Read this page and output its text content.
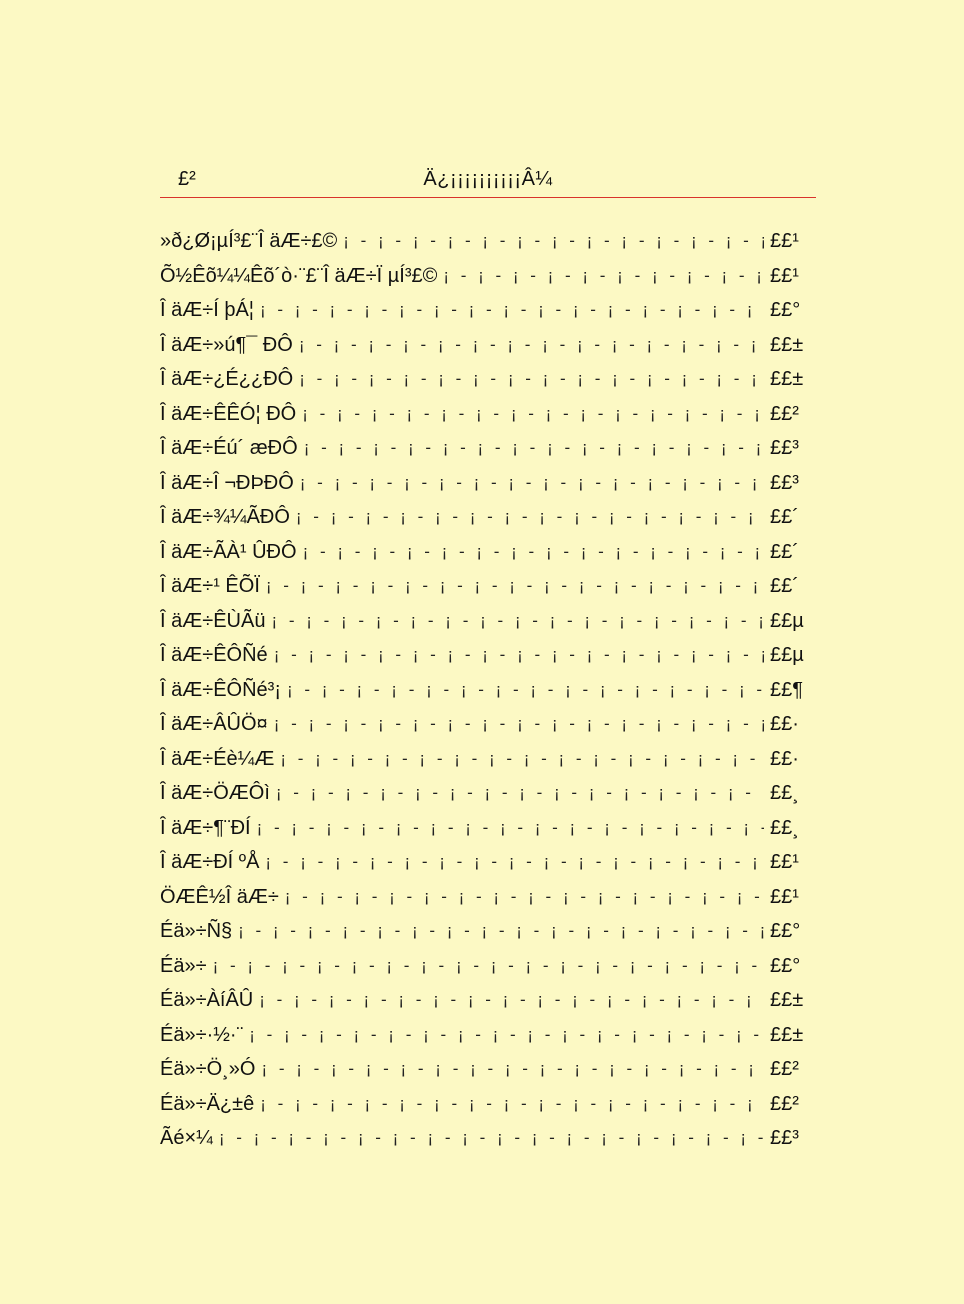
£²	Ä¿¡¡¡¡¡¡¡¡¡¡Â¼
»ð¿Ø¡µÍ³£¨Î äÆ÷£© ¡ - ¡ - ¡ - ¡ - ¡ - ¡ - ¡ - ¡ - ¡ - ¡ - ¡ - ¡ - ¡ - ¡ - ¡ - ¡ - ¡ - ¡ - ¡ - ¡ - ¡ - ¡ - ¡ - ¡ - ¡ - ¡ - ¡ - ¡ - ¡ - ¡ - ¡ - ¡ -	££¹
Õ½Êõ¼¼Êõ´ò·¨£¨Î äÆ÷Ï µÍ³£© ¡ - ¡ - ¡ - ¡ - ¡ - ¡ - ¡ - ¡ - ¡ - ¡ - ¡ - ¡ - ¡ - ¡ - ¡ - ¡ - ¡ - ¡ - ¡ - ¡ - ¡ - ¡ - ¡ - ¡ - ¡ - ¡ - ¡ - ¡ - ¡ - ¡ - ¡ - ¡ -	££¹
Î äÆ÷Í þÁ¦ ¡ - ¡ - ¡ - ¡ - ¡ - ¡ - ¡ - ¡ - ¡ - ¡ - ¡ - ¡ - ¡ - ¡ - ¡ - ¡ - ¡ - ¡ - ¡ - ¡ - ¡ - ¡ - ¡ - ¡ - ¡ - ¡ - ¡ - ¡ - ¡ - ¡ - ¡ - ¡ -	££°
Î äÆ÷»ú¶¯ ÐÔ ¡ - ¡ - ¡ - ¡ - ¡ - ¡ - ¡ - ¡ - ¡ - ¡ - ¡ - ¡ - ¡ - ¡ - ¡ - ¡ - ¡ - ¡ - ¡ - ¡ - ¡ - ¡ - ¡ - ¡ - ¡ - ¡ - ¡ - ¡ - ¡ - ¡ - ¡ - ¡ -	££±
Î äÆ÷¿É¿¿ÐÔ ¡ - ¡ - ¡ - ¡ - ¡ - ¡ - ¡ - ¡ - ¡ - ¡ - ¡ - ¡ - ¡ - ¡ - ¡ - ¡ - ¡ - ¡ - ¡ - ¡ - ¡ - ¡ - ¡ - ¡ - ¡ - ¡ - ¡ - ¡ - ¡ - ¡ - ¡ - ¡ -	££±
Î äÆ÷ÊÊÓ¦ ÐÔ ¡ - ¡ - ¡ - ¡ - ¡ - ¡ - ¡ - ¡ - ¡ - ¡ - ¡ - ¡ - ¡ - ¡ - ¡ - ¡ - ¡ - ¡ - ¡ - ¡ - ¡ - ¡ - ¡ - ¡ - ¡ - ¡ - ¡ - ¡ - ¡ - ¡ - ¡ - ¡ -	££²
Î äÆ÷Éú´ æÐÔ ¡ - ¡ - ¡ - ¡ - ¡ - ¡ - ¡ - ¡ - ¡ - ¡ - ¡ - ¡ - ¡ - ¡ - ¡ - ¡ - ¡ - ¡ - ¡ - ¡ - ¡ - ¡ - ¡ - ¡ - ¡ - ¡ - ¡ - ¡ - ¡ - ¡ - ¡ - ¡ -	££³
Î äÆ÷Î ¬ÐÞÐÔ ¡ - ¡ - ¡ - ¡ - ¡ - ¡ - ¡ - ¡ - ¡ - ¡ - ¡ - ¡ - ¡ - ¡ - ¡ - ¡ - ¡ - ¡ - ¡ - ¡ - ¡ - ¡ - ¡ - ¡ - ¡ - ¡ - ¡ - ¡ - ¡ - ¡ - ¡ - ¡ -	££³
Î äÆ÷¾¼ÃÐÔ ¡ - ¡ - ¡ - ¡ - ¡ - ¡ - ¡ - ¡ - ¡ - ¡ - ¡ - ¡ - ¡ - ¡ - ¡ - ¡ - ¡ - ¡ - ¡ - ¡ - ¡ - ¡ - ¡ - ¡ - ¡ - ¡ - ¡ - ¡ - ¡ - ¡ - ¡ - ¡ -	££´
Î äÆ÷ÃÀ¹ ÛÐÔ ¡ - ¡ - ¡ - ¡ - ¡ - ¡ - ¡ - ¡ - ¡ - ¡ - ¡ - ¡ - ¡ - ¡ - ¡ - ¡ - ¡ - ¡ - ¡ - ¡ - ¡ - ¡ - ¡ - ¡ - ¡ - ¡ - ¡ - ¡ - ¡ - ¡ - ¡ - ¡ -	££´
Î äÆ÷¹ ÊÕÏ ¡ - ¡ - ¡ - ¡ - ¡ - ¡ - ¡ - ¡ - ¡ - ¡ - ¡ - ¡ - ¡ - ¡ - ¡ - ¡ - ¡ - ¡ - ¡ - ¡ - ¡ - ¡ - ¡ - ¡ - ¡ - ¡ - ¡ - ¡ - ¡ - ¡ - ¡ - ¡ -	££´
Î äÆ÷ÊÙÃü ¡ - ¡ - ¡ - ¡ - ¡ - ¡ - ¡ - ¡ - ¡ - ¡ - ¡ - ¡ - ¡ - ¡ - ¡ - ¡ - ¡ - ¡ - ¡ - ¡ - ¡ - ¡ - ¡ - ¡ - ¡ - ¡ - ¡ - ¡ - ¡ - ¡ - ¡ - ¡ -	££µ
Î äÆ÷ÊÔÑé ¡ - ¡ - ¡ - ¡ - ¡ - ¡ - ¡ - ¡ - ¡ - ¡ - ¡ - ¡ - ¡ - ¡ - ¡ - ¡ - ¡ - ¡ - ¡ - ¡ - ¡ - ¡ - ¡ - ¡ - ¡ - ¡ - ¡ - ¡ - ¡ - ¡ - ¡ - ¡ -	££µ
Î äÆ÷ÊÔÑé³¡ ¡ - ¡ - ¡ - ¡ - ¡ - ¡ - ¡ - ¡ - ¡ - ¡ - ¡ - ¡ - ¡ - ¡ - ¡ - ¡ - ¡ - ¡ - ¡ - ¡ - ¡ - ¡ - ¡ - ¡ - ¡ - ¡ - ¡ - ¡ - ¡ - ¡ - ¡ - ¡ -	££¶
Î äÆ÷ÂÛÖ¤ ¡ - ¡ - ¡ - ¡ - ¡ - ¡ - ¡ - ¡ - ¡ - ¡ - ¡ - ¡ - ¡ - ¡ - ¡ - ¡ - ¡ - ¡ - ¡ - ¡ - ¡ - ¡ - ¡ - ¡ - ¡ - ¡ - ¡ - ¡ - ¡ - ¡ - ¡ - ¡ -	££·
Î äÆ÷Éè¼Æ ¡ - ¡ - ¡ - ¡ - ¡ - ¡ - ¡ - ¡ - ¡ - ¡ - ¡ - ¡ - ¡ - ¡ - ¡ - ¡ - ¡ - ¡ - ¡ - ¡ - ¡ - ¡ - ¡ - ¡ - ¡ - ¡ - ¡ - ¡ - ¡ - ¡ - ¡ - ¡ -	££·
Î äÆ÷ÖÆÔì ¡ - ¡ - ¡ - ¡ - ¡ - ¡ - ¡ - ¡ - ¡ - ¡ - ¡ - ¡ - ¡ - ¡ - ¡ - ¡ - ¡ - ¡ - ¡ - ¡ - ¡ - ¡ - ¡ - ¡ - ¡ - ¡ - ¡ - ¡ - ¡ - ¡ - ¡ - ¡ -	££¸
Î äÆ÷¶¨ÐÍ ¡ - ¡ - ¡ - ¡ - ¡ - ¡ - ¡ - ¡ - ¡ - ¡ - ¡ - ¡ - ¡ - ¡ - ¡ - ¡ - ¡ - ¡ - ¡ - ¡ - ¡ - ¡ - ¡ - ¡ - ¡ - ¡ - ¡ - ¡ - ¡ - ¡ - ¡ - ¡ -	££¸
Î äÆ÷ÐÍ ºÅ ¡ - ¡ - ¡ - ¡ - ¡ - ¡ - ¡ - ¡ - ¡ - ¡ - ¡ - ¡ - ¡ - ¡ - ¡ - ¡ - ¡ - ¡ - ¡ - ¡ - ¡ - ¡ - ¡ - ¡ - ¡ - ¡ - ¡ - ¡ - ¡ - ¡ - ¡ - ¡ -	££¹
ÖÆÊ½Î äÆ÷ ¡ - ¡ - ¡ - ¡ - ¡ - ¡ - ¡ - ¡ - ¡ - ¡ - ¡ - ¡ - ¡ - ¡ - ¡ - ¡ - ¡ - ¡ - ¡ - ¡ - ¡ - ¡ - ¡ - ¡ - ¡ - ¡ - ¡ - ¡ - ¡ - ¡ - ¡ - ¡ -	££¹
Éä»÷Ñ§ ¡ - ¡ - ¡ - ¡ - ¡ - ¡ - ¡ - ¡ - ¡ - ¡ - ¡ - ¡ - ¡ - ¡ - ¡ - ¡ - ¡ - ¡ - ¡ - ¡ - ¡ - ¡ - ¡ - ¡ - ¡ - ¡ - ¡ - ¡ - ¡ - ¡ - ¡ - ¡ -	££°
Éä»÷ ¡ - ¡ - ¡ - ¡ - ¡ - ¡ - ¡ - ¡ - ¡ - ¡ - ¡ - ¡ - ¡ - ¡ - ¡ - ¡ - ¡ - ¡ - ¡ - ¡ - ¡ - ¡ - ¡ - ¡ - ¡ - ¡ - ¡ - ¡ - ¡ - ¡ - ¡ - ¡ -	££°
Éä»÷ÀíÂÛ ¡ - ¡ - ¡ - ¡ - ¡ - ¡ - ¡ - ¡ - ¡ - ¡ - ¡ - ¡ - ¡ - ¡ - ¡ - ¡ - ¡ - ¡ - ¡ - ¡ - ¡ - ¡ - ¡ - ¡ - ¡ - ¡ - ¡ - ¡ - ¡ - ¡ - ¡ - ¡ -	££±
Éä»÷·½·¨ ¡ - ¡ - ¡ - ¡ - ¡ - ¡ - ¡ - ¡ - ¡ - ¡ - ¡ - ¡ - ¡ - ¡ - ¡ - ¡ - ¡ - ¡ - ¡ - ¡ - ¡ - ¡ - ¡ - ¡ - ¡ - ¡ - ¡ - ¡ - ¡ - ¡ - ¡ - ¡ -	££±
Éä»÷Ö¸»Ó ¡ - ¡ - ¡ - ¡ - ¡ - ¡ - ¡ - ¡ - ¡ - ¡ - ¡ - ¡ - ¡ - ¡ - ¡ - ¡ - ¡ - ¡ - ¡ - ¡ - ¡ - ¡ - ¡ - ¡ - ¡ - ¡ - ¡ - ¡ - ¡ - ¡ - ¡ - ¡ -	££²
Éä»÷Ä¿±ê ¡ - ¡ - ¡ - ¡ - ¡ - ¡ - ¡ - ¡ - ¡ - ¡ - ¡ - ¡ - ¡ - ¡ - ¡ - ¡ - ¡ - ¡ - ¡ - ¡ - ¡ - ¡ - ¡ - ¡ - ¡ - ¡ - ¡ - ¡ - ¡ - ¡ - ¡ - ¡ -	££²
Ãé×¼ ¡ - ¡ - ¡ - ¡ - ¡ - ¡ - ¡ - ¡ - ¡ - ¡ - ¡ - ¡ - ¡ - ¡ - ¡ - ¡ - ¡ - ¡ - ¡ - ¡ - ¡ - ¡ - ¡ - ¡ - ¡ - ¡ - ¡ - ¡ - ¡ - ¡ - ¡ - ¡ -	££³
